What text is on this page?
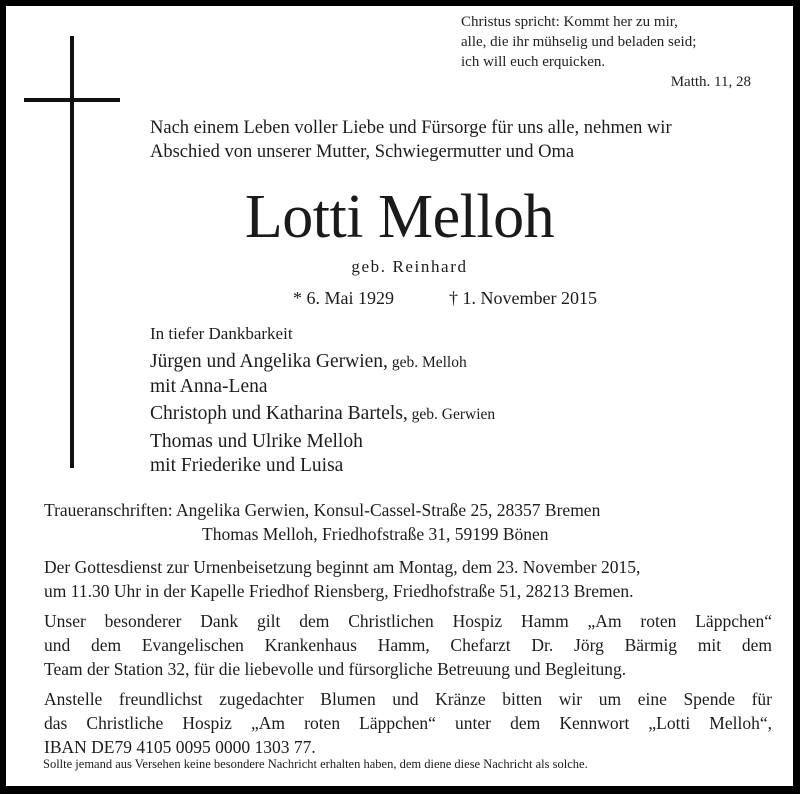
Christus spricht: Kommt her zu mir,
alle, die ihr mühselig und beladen seid;
ich will euch erquicken.
Matth. 11, 28
Nach einem Leben voller Liebe und Fürsorge für uns alle, nehmen wir
Abschied von unserer Mutter, Schwiegermutter und Oma
Lotti Melloh
geb. Reinhard
* 6. Mai 1929	† 1. November 2015
In tiefer Dankbarkeit
Jürgen und Angelika Gerwien, geb. Melloh
mit Anna-Lena
Christoph und Katharina Bartels, geb. Gerwien
Thomas und Ulrike Melloh
mit Friederike und Luisa
Traueranschriften: Angelika Gerwien, Konsul-Cassel-Straße 25, 28357 Bremen
Thomas Melloh, Friedhofstraße 31, 59199 Bönen
Der Gottesdienst zur Urnenbeisetzung beginnt am Montag, dem 23. November 2015,
um 11.30 Uhr in der Kapelle Friedhof Riensberg, Friedhofstraße 51, 28213 Bremen.
Unser besonderer Dank gilt dem Christlichen Hospiz Hamm „Am roten Läppchen“
und dem Evangelischen Krankenhaus Hamm, Chefarzt Dr. Jörg Bärmig mit dem
Team der Station 32, für die liebevolle und fürsorgliche Betreuung und Begleitung.
Anstelle freundlichst zugedachter Blumen und Kränze bitten wir um eine Spende für
das Christliche Hospiz „Am roten Läppchen“ unter dem Kennwort „Lotti Melloh“,
IBAN DE79 4105 0095 0000 1303 77.
Sollte jemand aus Versehen keine besondere Nachricht erhalten haben, dem diene diese Nachricht als solche.
